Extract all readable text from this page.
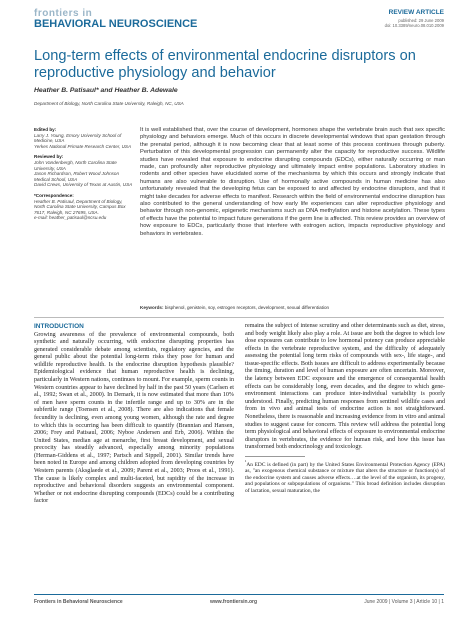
frontiers in
BEHAVIORAL NEUROSCIENCE
REVIEW ARTICLE
published: 29 June 2009
doi: 10.3389/neuro.08.010.2009
Long-term effects of environmental endocrine disruptors on reproductive physiology and behavior
Heather B. Patisaul* and Heather B. Adewale
Department of Biology, North Carolina State University, Raleigh, NC, USA
Edited by:
Larry J. Young, Emory University School of Medicine, USA
Yerkes National Primate Research Center, USA
Reviewed by:
John Vandenbergh, North Carolina State University, USA
Jason Richardson, Robert Wood Johnson Medical School, USA
David Crews, University of Texas at Austin, USA
*Correspondence:
Heather B. Patisaul, Department of Biology, North Carolina State University, Campus Box 7617, Raleigh, NC 27695, USA.
e-mail: heather_patisaul@ncsu.edu
It is well established that, over the course of development, hormones shape the vertebrate brain such that sex specific physiology and behaviors emerge. Much of this occurs in discrete developmental windows that span gestation through the prenatal period, although it is now becoming clear that at least some of this process continues through puberty. Perturbation of this developmental progression can permanently alter the capacity for reproductive success. Wildlife studies have revealed that exposure to endocrine disrupting compounds (EDCs), either naturally occurring or man made, can profoundly alter reproductive physiology and ultimately impact entire populations. Laboratory studies in rodents and other species have elucidated some of the mechanisms by which this occurs and strongly indicate that humans are also vulnerable to disruption. Use of hormonally active compounds in human medicine has also unfortunately revealed that the developing fetus can be exposed to and affected by endocrine disruptors, and that it might take decades for adverse effects to manifest. Research within the field of environmental endocrine disruption has also contributed to the general understanding of how early life experiences can alter reproductive physiology and behavior through non-genomic, epigenetic mechanisms such as DNA methylation and histone acetylation. These types of effects have the potential to impact future generations if the germ line is affected. This review provides an overview of how exposure to EDCs, particularly those that interfere with estrogen action, impacts reproductive physiology and behaviors in vertebrates.
Keywords: bisphenol, genistein, soy, estrogen receptors, development, sexual differentiation
INTRODUCTION

Growing awareness of the prevalence of environmental compounds, both synthetic and naturally occurring, with endocrine disrupting properties has generated considerable debate among scientists, regulatory agencies, and the general public about the potential long-term risks they pose for human and wildlife reproductive health. Is the endocrine disruption hypothesis plausible? Epidemiological evidence that human reproductive health is declining, particularly in Western nations, continues to mount. For example, sperm counts in Western countries appear to have declined by half in the past 50 years (Carlsen et al., 1992; Swan et al., 2000). In Demark, it is now estimated that more than 10% of men have sperm counts in the infertile range and up to 30% are in the subfertile range (Toensen et al., 2008). There are also indications that female fecundity is declining, even among young women, although the rate and degree to which this is occurring has been difficult to quantify (Brannian and Hansen, 2006; Frey and Patisaul, 2006; Nyboe Andersen and Erb, 2006). Within the United States, median age at menarche, first breast development, and sexual precocity has steadily advanced, especially among minority populations (Herman-Giddens et al., 1997; Partsch and Sippell, 2001). Similar trends have been noted in Europe and among children adopted from developing countries by Western parents (Aksglaede et al., 2009; Parent et al., 2003; Proos et al., 1991). The cause is likely complex and multi-faceted, but rapidity of the increase in reproductive and behavioral disorders suggests an environmental component. Whether or not endocrine disrupting compounds (EDCs) could be a contributing factor

remains the subject of intense scrutiny and other determinants such as diet, stress, and body weight likely also play a role. At issue are both the degree to which low dose exposures can contribute to low hormonal potency can produce appreciable effects in the vertebrate reproductive system, and the difficulty of adequately assessing the potential long term risks of compounds with sex-, life stage-, and tissue-specific effects. Both issues are difficult to address experimentally because the timing, duration and level of human exposure are often uncertain. Moreover, the latency between EDC exposure and the emergence of consequential health effects can be considerably long, even decades, and the degree to which gene-environment interactions can produce inter-individual variability is poorly understood. Finally, predicting human responses from sentinel wildlife cases and from in vivo and animal tests of endocrine action is not straightforward. Nonetheless, there is reasonable and increasing evidence from in vitro and animal studies to suggest cause for concern. This review will address the potential long term physiological and behavioral effects of exposure to environmental endocrine disruptors in vertebrates, the evidence for human risk, and how this issue has transformed both endocrinology and toxicology.

$^{^1}$An EDC is defined (in part) by the United States Environmental Protection Agency (EPA) as, "an exogenous chemical substance or mixture that alters the structure or function(s) of the endocrine system and causes adverse effects….at the level of the organism, its progeny, and populations or subpopulations of organisms." This broad definition includes disruption of lactation, sexual maturation, the
Frontiers in Behavioral Neuroscience	www.frontiersin.org	June 2009 | Volume 3 | Article 10 | 1
